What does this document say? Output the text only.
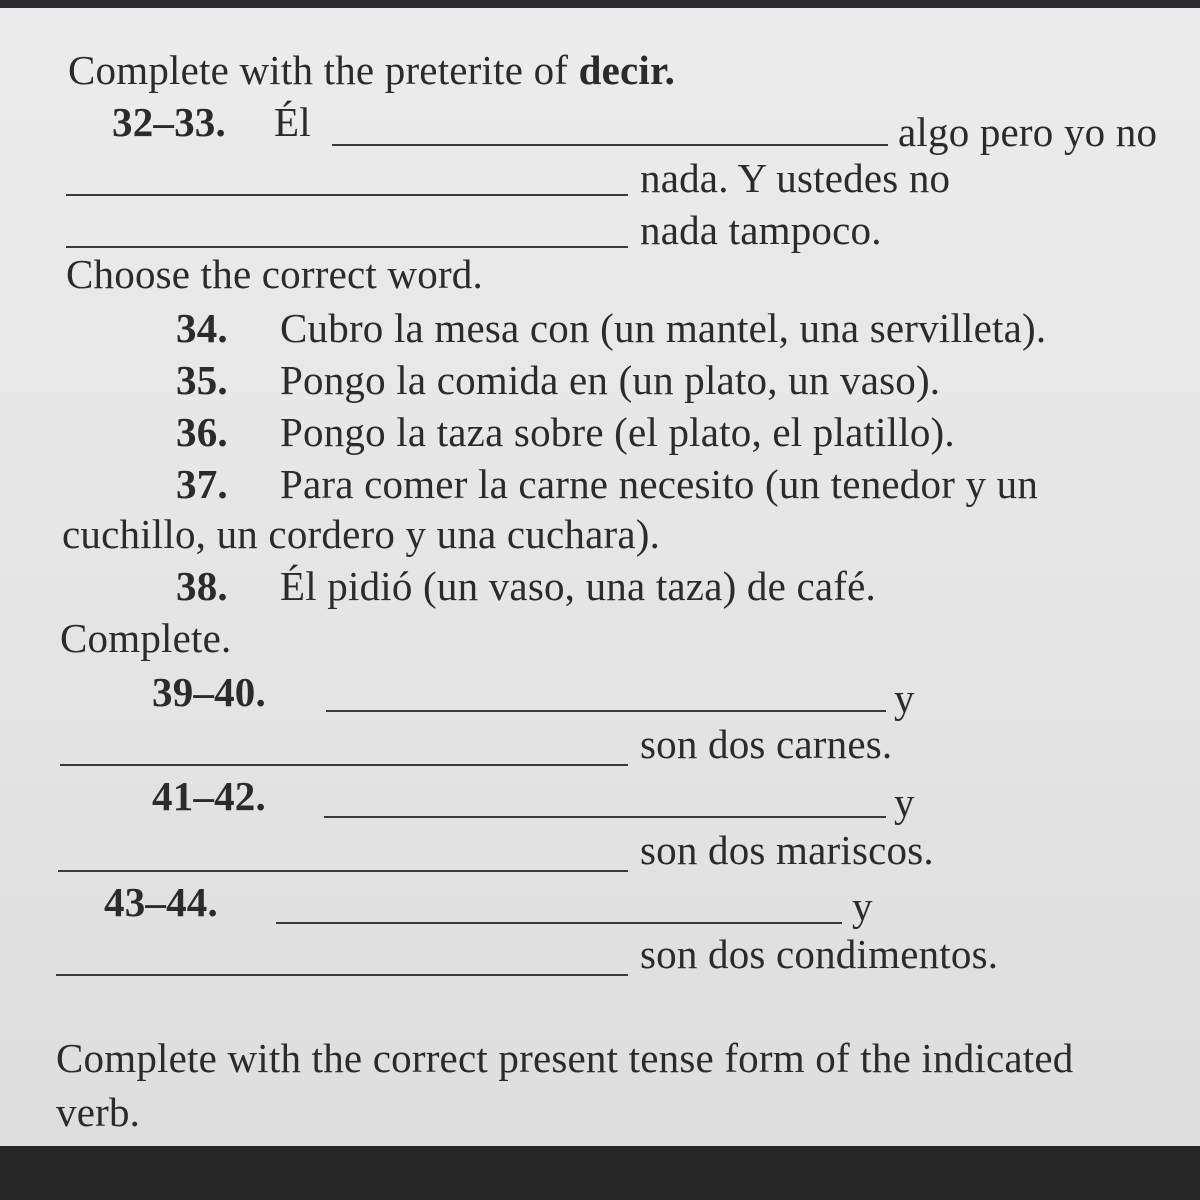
Complete with the preterite of decir.
32–33. Él	algo pero yo no
nada. Y ustedes no
nada tampoco.
Choose the correct word.
34. Cubro la mesa con (un mantel, una servilleta).
35. Pongo la comida en (un plato, un vaso).
36. Pongo la taza sobre (el plato, el platillo).
37. Para comer la carne necesito (un tenedor y un
cuchillo, un cordero y una cuchara).
38. Él pidió (un vaso, una taza) de café.
Complete.
39–40.	y
son dos carnes.
41–42.	y
son dos mariscos.
43–44.	y
son dos condimentos.
Complete with the correct present tense form of the indicated
verb.
